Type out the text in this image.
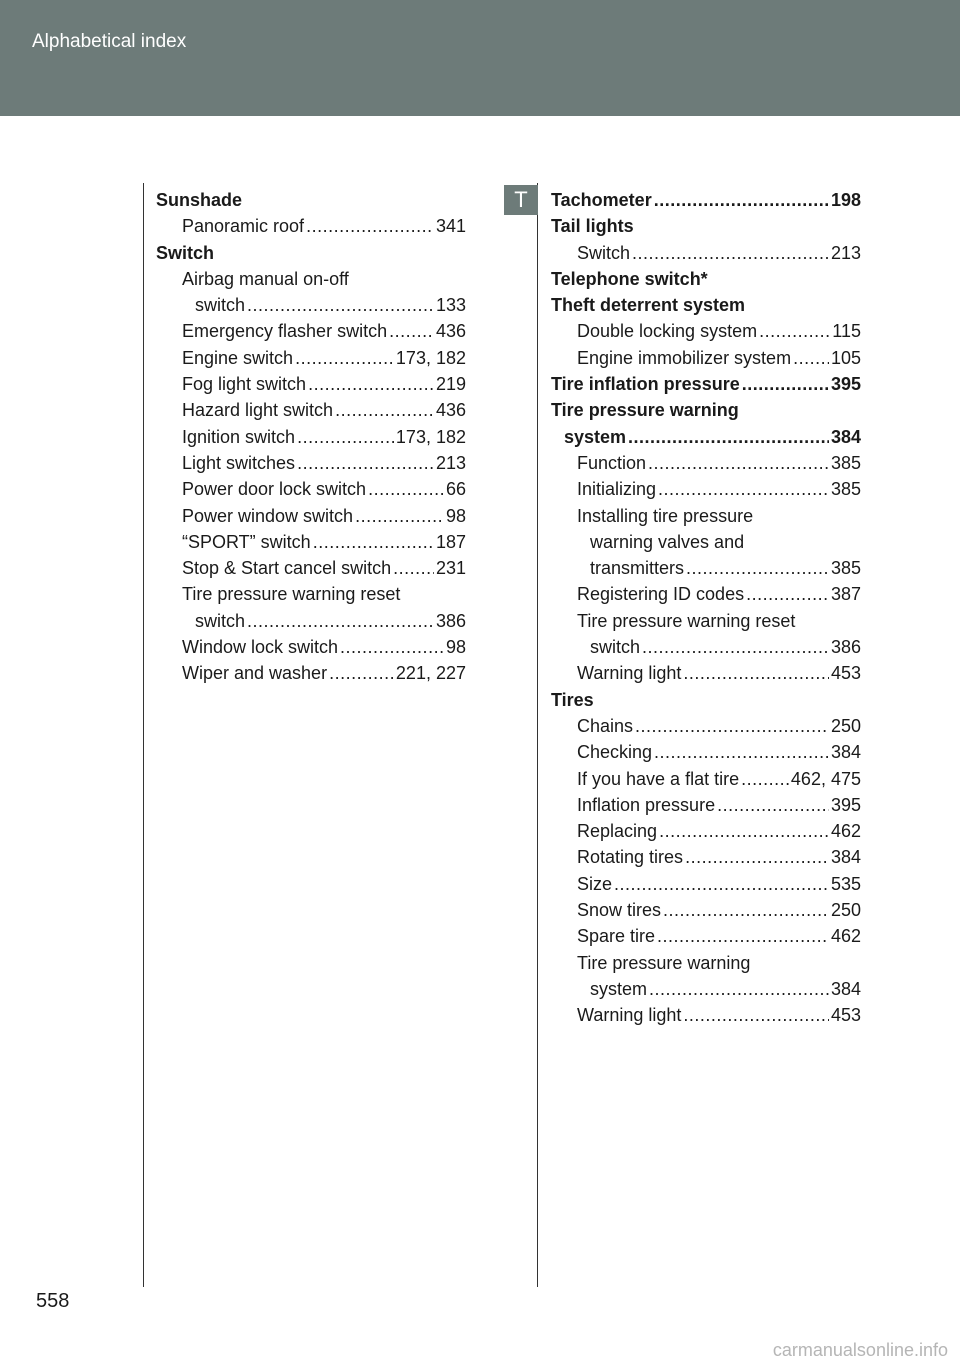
Alphabetical index
T
Sunshade
Panoramic roof .....	341
Switch
Airbag manual on-off
switch .....	133
Emergency flasher switch .....	436
Engine switch .....	173, 182
Fog light switch .....	219
Hazard light switch .....	436
Ignition switch .....	173, 182
Light switches .....	213
Power door lock switch .....	66
Power window switch .....	98
“SPORT” switch .....	187
Stop & Start cancel switch ..... 231
Tire pressure warning reset
switch .....	386
Window lock switch .....	98
Wiper and washer .....	221, 227
Tachometer .....	198
Tail lights
Switch .....	213
Telephone switch*
Theft deterrent system
Double locking system .....	115
Engine immobilizer system ..... 105
Tire inflation pressure .....	395
Tire pressure warning
system .....	384
Function .....	385
Initializing .....	385
Installing tire pressure
warning valves and
transmitters .....	385
Registering ID codes .....	387
Tire pressure warning reset
switch .....	386
Warning light .....	453
Tires
Chains .....	250
Checking .....	384
If you have a flat tire .....	462, 475
Inflation pressure .....	395
Replacing .....	462
Rotating tires .....	384
Size .....	535
Snow tires .....	250
Spare tire .....	462
Tire pressure warning
system .....	384
Warning light .....	453
558
carmanualsonline.info
